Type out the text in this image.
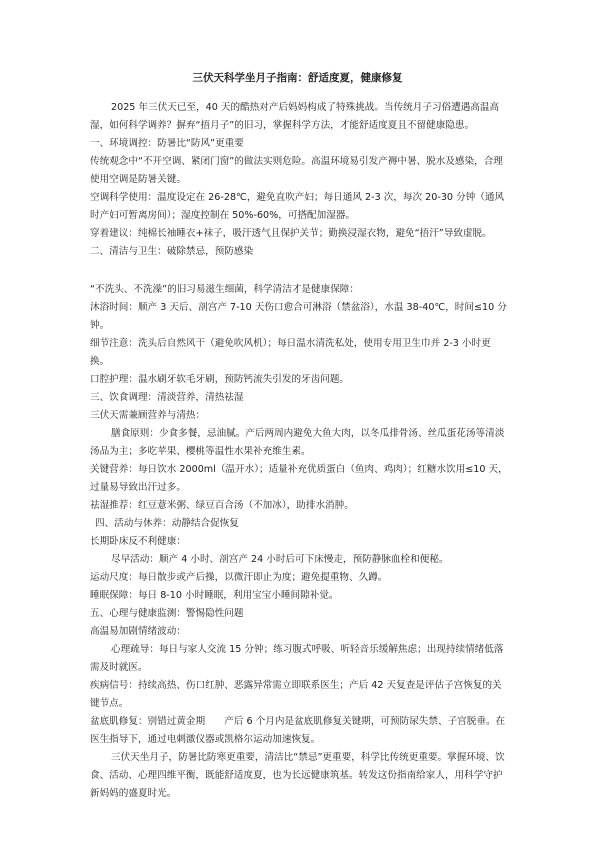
三伏天科学坐月子指南：舒适度夏，健康修复

2025 年三伏天已至，40 天的酷热对产后妈妈构成了特殊挑战。当传统月子习俗遭遇高温高湿，如何科学调养？摒弃“捂月子”的旧习，掌握科学方法，才能舒适度夏且不留健康隐患。

一、环境调控：防暑比“防风”更重要

传统观念中“不开空调、紧闭门窗”的做法实则危险。高温环境易引发产褥中暑、脱水及感染，合理使用空调是防暑关键。

空调科学使用：温度设定在 26-28℃，避免直吹产妇；每日通风 2-3 次，每次 20-30 分钟（通风时产妇可暂离房间）；湿度控制在 50%-60%，可搭配加湿器。

穿着建议：纯棉长袖睡衣+袜子，吸汗透气且保护关节；勤换浸湿衣物，避免“捂汗”导致虚脱。

二、清洁与卫生：破除禁忌，预防感染

“不洗头、不洗澡”的旧习易滋生细菌，科学清洁才是健康保障：

沐浴时间：顺产 3 天后、剖宫产 7-10 天伤口愈合可淋浴（禁盆浴），水温 38-40℃，时间≤10 分钟。

细节注意：洗头后自然风干（避免吹风机）；每日温水清洗私处，使用专用卫生巾并 2-3 小时更换。

口腔护理：温水刷牙软毛牙刷，预防钙流失引发的牙齿问题。

三、饮食调理：清淡营养，清热祛湿

三伏天需兼顾营养与清热：

膳食原则：少食多餐，忌油腻。产后两周内避免大鱼大肉，以冬瓜排骨汤、丝瓜蛋花汤等清淡汤品为主；多吃苹果、樱桃等温性水果补充维生素。

关键营养：每日饮水 2000ml（温开水）；适量补充优质蛋白（鱼肉、鸡肉）；红糖水饮用≤10 天，过量易导致出汗过多。

祛湿推荐：红豆薏米粥、绿豆百合汤（不加冰），助排水消肿。

四、活动与休养：动静结合促恢复

长期卧床反不利健康：

尽早活动：顺产 4 小时、剖宫产 24 小时后可下床慢走，预防静脉血栓和便秘。

运动尺度：每日散步或产后操，以微汗即止为度；避免提重物、久蹲。

睡眠保障：每日 8-10 小时睡眠，利用宝宝小睡间隙补觉。

五、心理与健康监测：警惕隐性问题

高温易加剧情绪波动：

心理疏导：每日与家人交流 15 分钟；练习腹式呼吸、听轻音乐缓解焦虑；出现持续情绪低落需及时就医。

疾病信号：持续高热、伤口红肿、恶露异常需立即联系医生；产后 42 天复查是评估子宫恢复的关键节点。

盆底肌修复：别错过黄金期　　产后 6 个月内是盆底肌修复关键期，可预防尿失禁、子宫脱垂。在医生指导下，通过电刺激仪器或凯格尔运动加速恢复。

三伏天坐月子，防暑比防寒更重要，清洁比“禁忌”更重要，科学比传统更重要。掌握环境、饮食、活动、心理四维平衡，既能舒适度夏，也为长远健康筑基。转发这份指南给家人，用科学守护新妈妈的盛夏时光。
